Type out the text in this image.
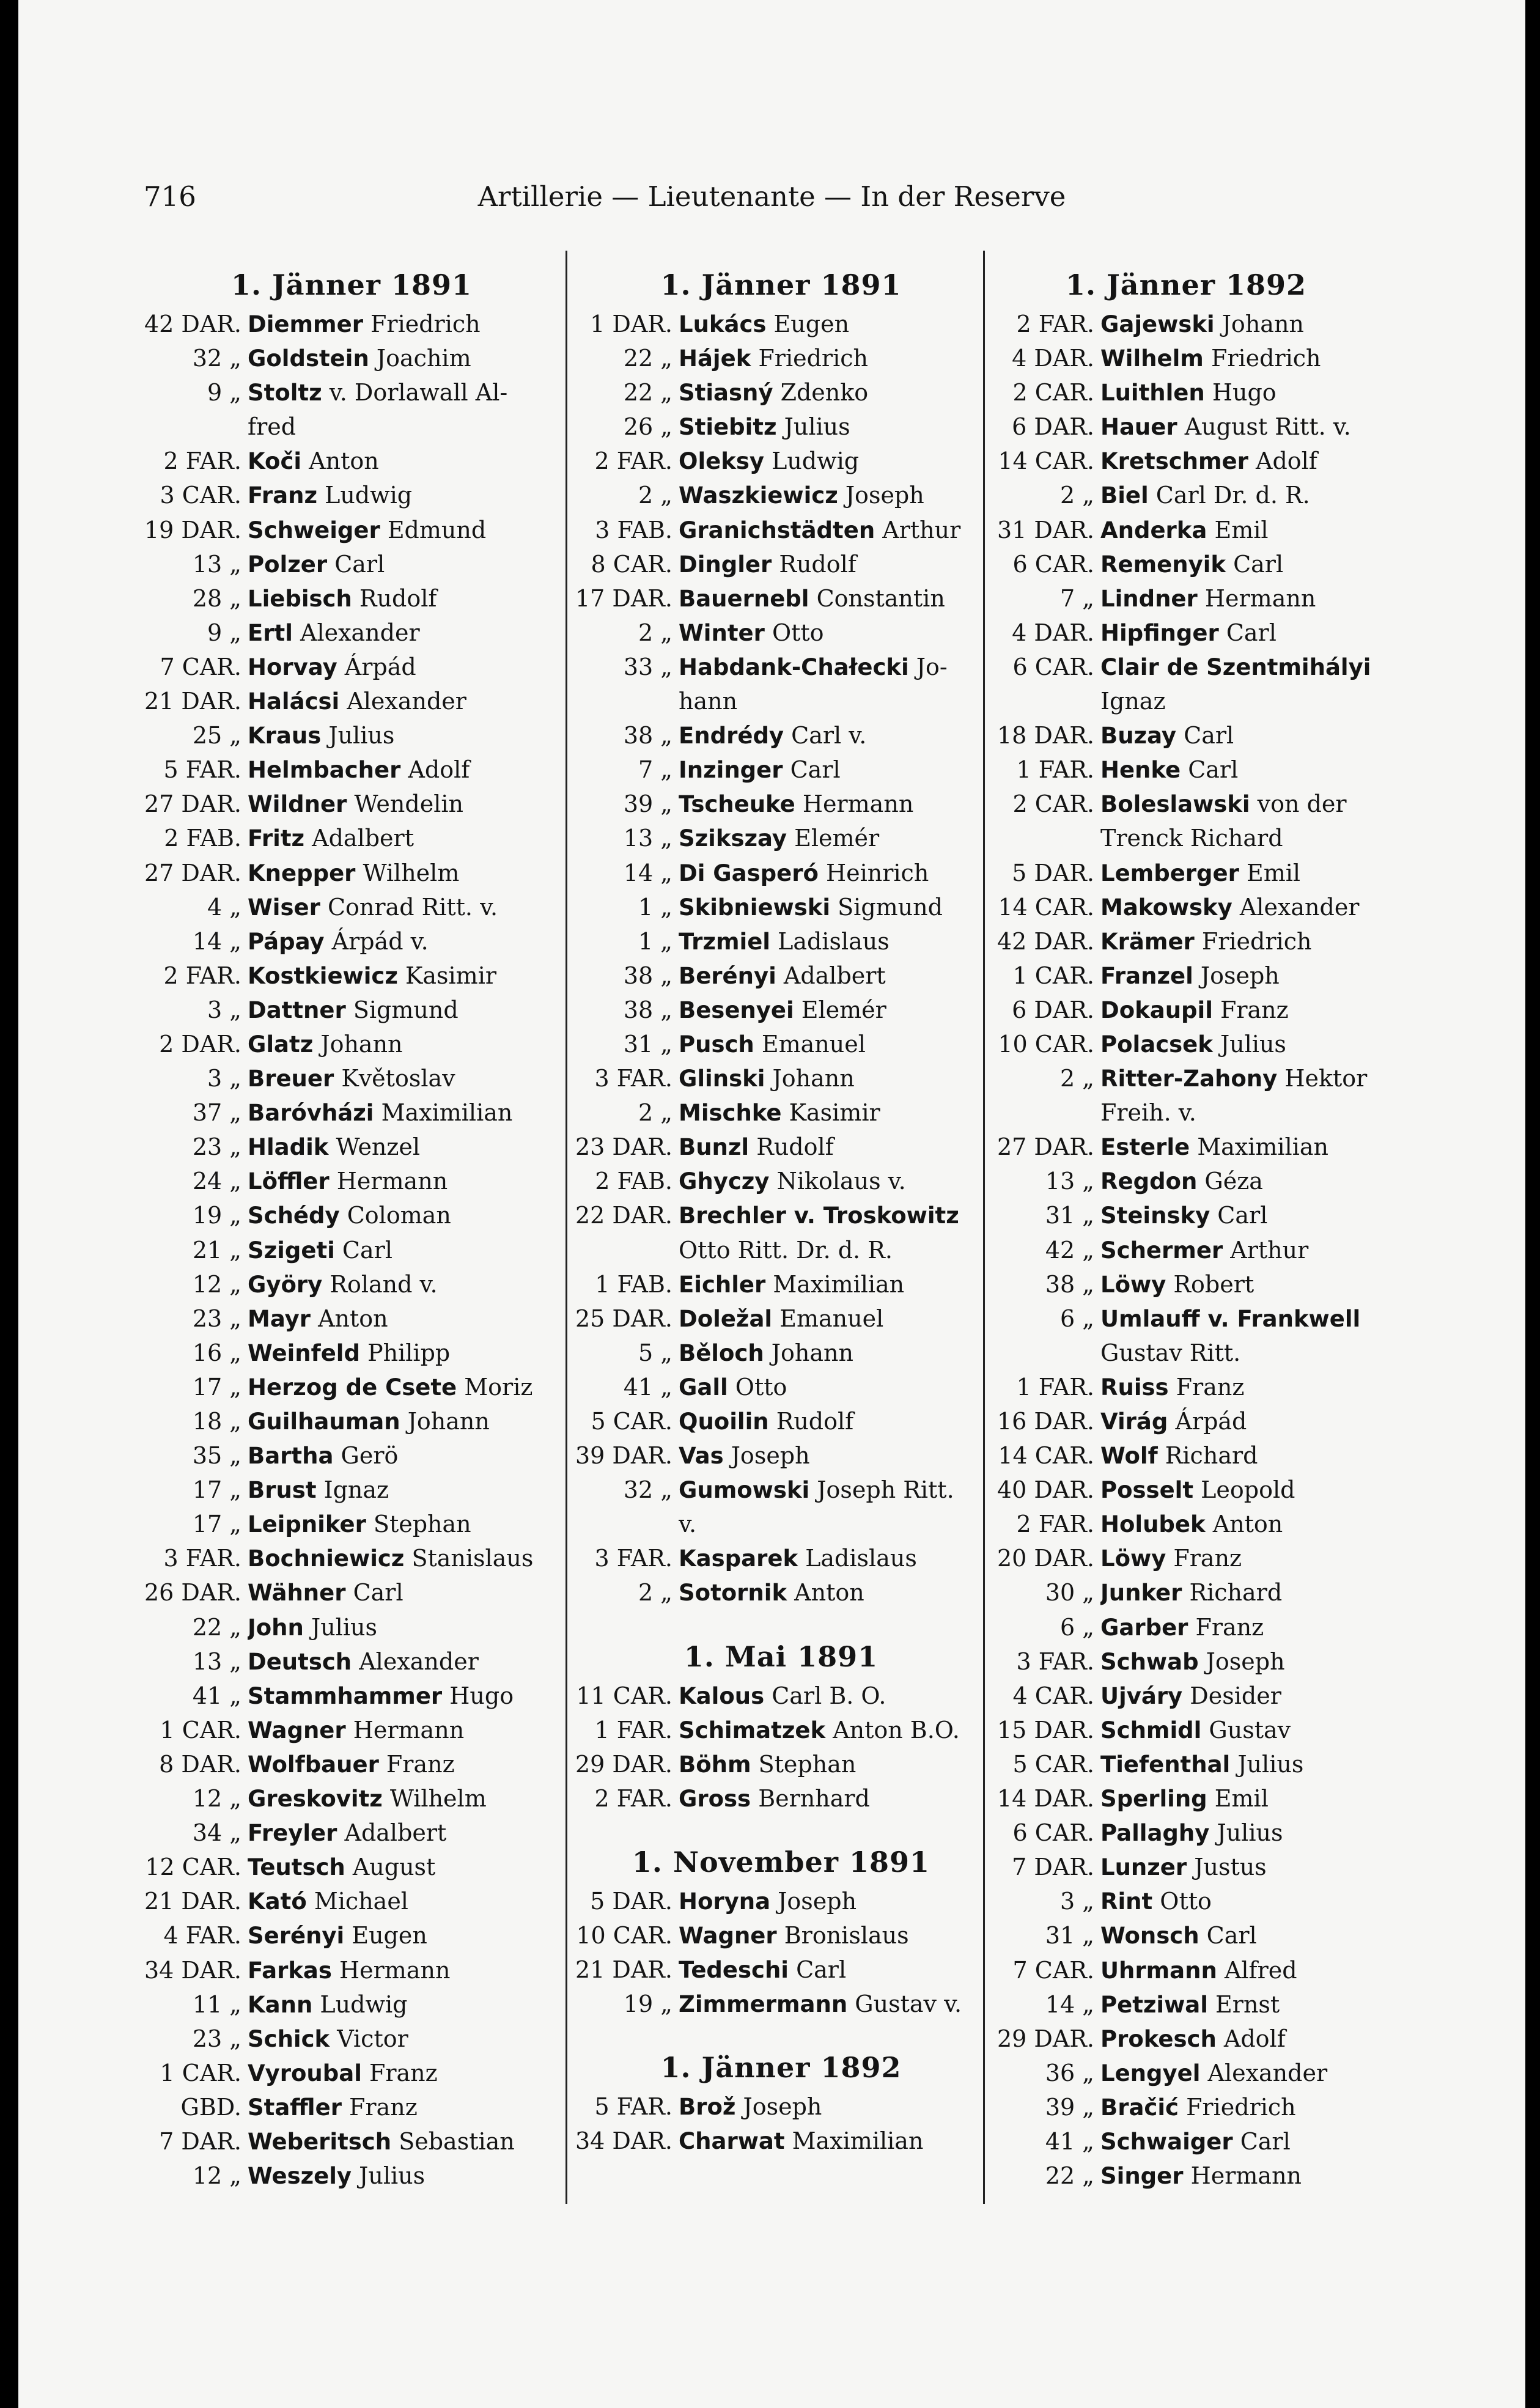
716	Artillerie — Lieutenante — In der Reserve
1. Jänner 1891
42 DAR. Diemmer Friedrich
32 „ Goldstein Joachim
9 „ Stoltz v. Dorlawall Al-
fred
2 FAR. Koči Anton
3 CAR. Franz Ludwig
19 DAR. Schweiger Edmund
13 „ Polzer Carl
28 „ Liebisch Rudolf
9 „ Ertl Alexander
7 CAR. Horvay Árpád
21 DAR. Halácsi Alexander
25 „ Kraus Julius
5 FAR. Helmbacher Adolf
27 DAR. Wildner Wendelin
2 FAB. Fritz Adalbert
27 DAR. Knepper Wilhelm
4 „ Wiser Conrad Ritt. v.
14 „ Pápay Árpád v.
2 FAR. Kostkiewicz Kasimir
3 „ Dattner Sigmund
2 DAR. Glatz Johann
3 „ Breuer Květoslav
37 „ Baróvházi Maximilian
23 „ Hladik Wenzel
24 „ Löffler Hermann
19 „ Schédy Coloman
21 „ Szigeti Carl
12 „ Györy Roland v.
23 „ Mayr Anton
16 „ Weinfeld Philipp
17 „ Herzog de Csete Moriz
18 „ Guilhauman Johann
35 „ Bartha Gerö
17 „ Brust Ignaz
17 „ Leipniker Stephan
3 FAR. Bochniewicz Stanislaus
26 DAR. Wähner Carl
22 „ John Julius
13 „ Deutsch Alexander
41 „ Stammhammer Hugo
1 CAR. Wagner Hermann
8 DAR. Wolfbauer Franz
12 „ Greskovitz Wilhelm
34 „ Freyler Adalbert
12 CAR. Teutsch August
21 DAR. Kató Michael
4 FAR. Serényi Eugen
34 DAR. Farkas Hermann
11 „ Kann Ludwig
23 „ Schick Victor
1 CAR. Vyroubal Franz
GBD. Staffler Franz
7 DAR. Weberitsch Sebastian
12 „ Weszely Julius
1. Jänner 1891
1 DAR. Lukács Eugen
22 „ Hájek Friedrich
22 „ Stiasný Zdenko
26 „ Stiebitz Julius
2 FAR. Oleksy Ludwig
2 „ Waszkiewicz Joseph
3 FAB. Granichstädten Arthur
8 CAR. Dingler Rudolf
17 DAR. Bauernebl Constantin
2 „ Winter Otto
33 „ Habdank-Chałecki Jo-
hann
38 „ Endrédy Carl v.
7 „ Inzinger Carl
39 „ Tscheuke Hermann
13 „ Szikszay Elemér
14 „ Di Gasperó Heinrich
1 „ Skibniewski Sigmund
1 „ Trzmiel Ladislaus
38 „ Berényi Adalbert
38 „ Besenyei Elemér
31 „ Pusch Emanuel
3 FAR. Glinski Johann
2 „ Mischke Kasimir
23 DAR. Bunzl Rudolf
2 FAB. Ghyczy Nikolaus v.
22 DAR. Brechler v. Troskowitz
Otto Ritt. Dr. d. R.
1 FAB. Eichler Maximilian
25 DAR. Doležal Emanuel
5 „ Běloch Johann
41 „ Gall Otto
5 CAR. Quoilin Rudolf
39 DAR. Vas Joseph
32 „ Gumowski Joseph Ritt.
v.
3 FAR. Kasparek Ladislaus
2 „ Sotornik Anton
1. Mai 1891
11 CAR. Kalous Carl B. O.
1 FAR. Schimatzek Anton B.O.
29 DAR. Böhm Stephan
2 FAR. Gross Bernhard
1. November 1891
5 DAR. Horyna Joseph
10 CAR. Wagner Bronislaus
21 DAR. Tedeschi Carl
19 „ Zimmermann Gustav v.
1. Jänner 1892
5 FAR. Brož Joseph
34 DAR. Charwat Maximilian
1. Jänner 1892
2 FAR. Gajewski Johann
4 DAR. Wilhelm Friedrich
2 CAR. Luithlen Hugo
6 DAR. Hauer August Ritt. v.
14 CAR. Kretschmer Adolf
2 „ Biel Carl Dr. d. R.
31 DAR. Anderka Emil
6 CAR. Remenyik Carl
7 „ Lindner Hermann
4 DAR. Hipfinger Carl
6 CAR. Clair de Szentmihályi
Ignaz
18 DAR. Buzay Carl
1 FAR. Henke Carl
2 CAR. Boleslawski von der
Trenck Richard
5 DAR. Lemberger Emil
14 CAR. Makowsky Alexander
42 DAR. Krämer Friedrich
1 CAR. Franzel Joseph
6 DAR. Dokaupil Franz
10 CAR. Polacsek Julius
2 „ Ritter-Zahony Hektor
Freih. v.
27 DAR. Esterle Maximilian
13 „ Regdon Géza
31 „ Steinsky Carl
42 „ Schermer Arthur
38 „ Löwy Robert
6 „ Umlauff v. Frankwell
Gustav Ritt.
1 FAR. Ruiss Franz
16 DAR. Virág Árpád
14 CAR. Wolf Richard
40 DAR. Posselt Leopold
2 FAR. Holubek Anton
20 DAR. Löwy Franz
30 „ Junker Richard
6 „ Garber Franz
3 FAR. Schwab Joseph
4 CAR. Ujváry Desider
15 DAR. Schmidl Gustav
5 CAR. Tiefenthal Julius
14 DAR. Sperling Emil
6 CAR. Pallaghy Julius
7 DAR. Lunzer Justus
3 „ Rint Otto
31 „ Wonsch Carl
7 CAR. Uhrmann Alfred
14 „ Petziwal Ernst
29 DAR. Prokesch Adolf
36 „ Lengyel Alexander
39 „ Bračić Friedrich
41 „ Schwaiger Carl
22 „ Singer Hermann
